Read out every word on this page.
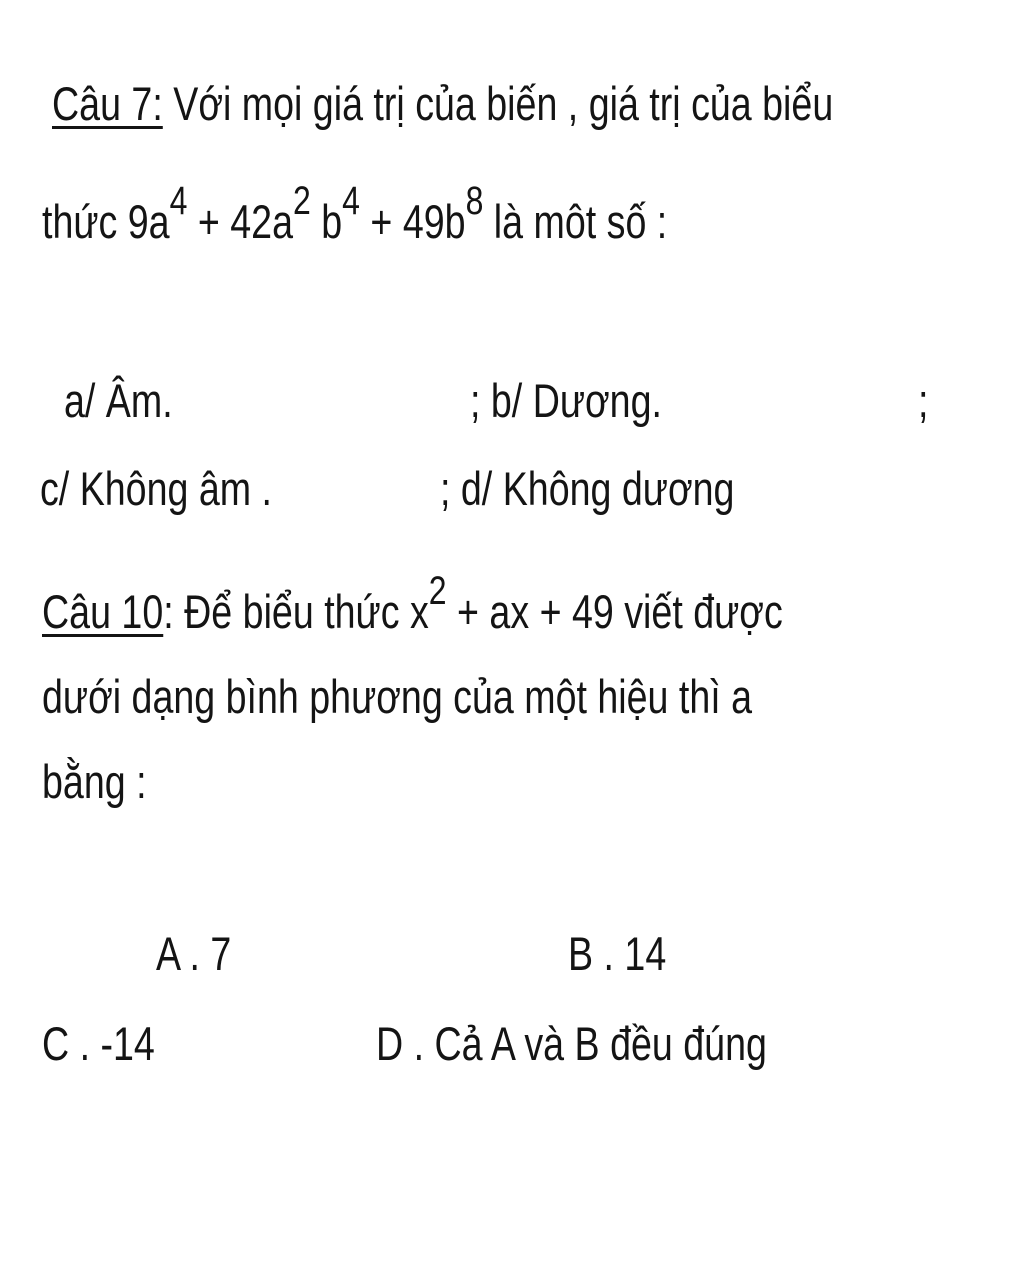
Câu 7: Với mọi giá trị của biến , giá trị của biểu
thức 9a4 + 42a2 b4 + 49b8 là môt số :
a/ Âm.	; b/ Dương.	;
c/ Không âm .	; d/ Không dương
Câu 10: Để biểu thức x2 + ax + 49 viết được
dưới dạng bình phương của một hiệu thì a
bằng :
A . 7	B . 14
C . -14	D . Cả A và B đều đúng
